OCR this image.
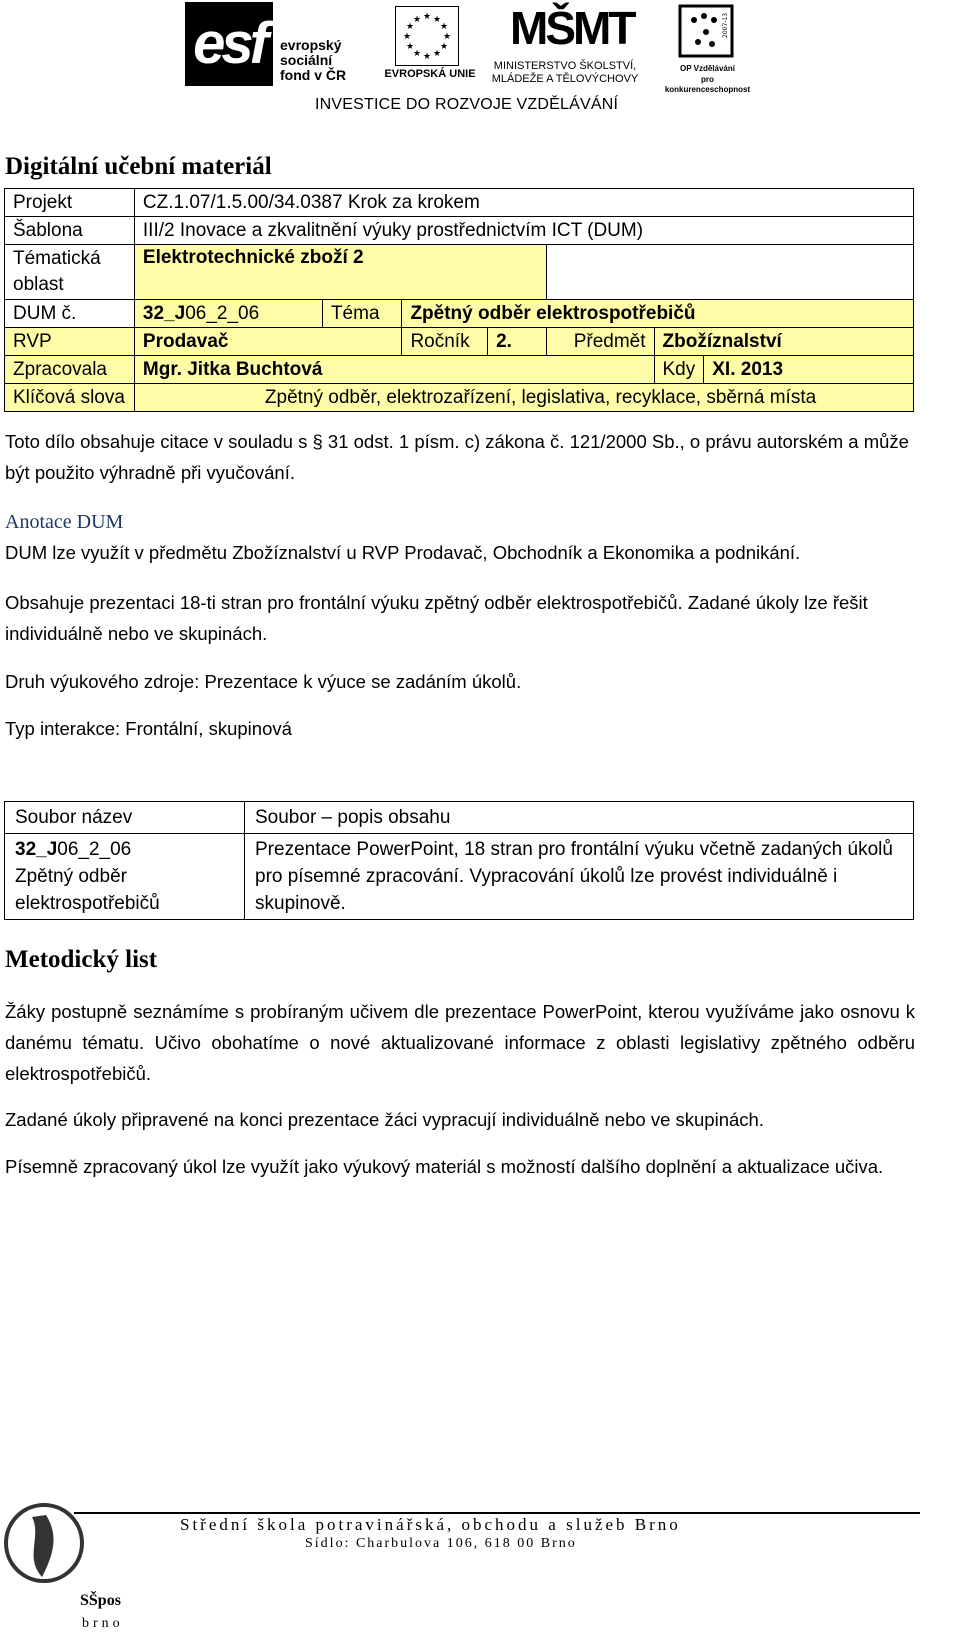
esf	evropský
sociální
fond v ČR
★ ★
★
★
★
★
★
★
★
★
★
★
EVROPSKÁ UNIE
MŠMT
MINISTERSTVO ŠKOLSTVÍ,
MLÁDEŽE A TĚLOVÝCHOVY
2007-13
OP Vzdělávání
pro konkurenceschopnost
INVESTICE DO ROZVOJE VZDĚLÁVÁNÍ
Digitální učební materiál
Projekt	CZ.1.07/1.5.00/34.0387 Krok za krokem						
Šablona	III/2 Inovace a zkvalitnění výuky prostřednictvím ICT (DUM)						

Tématická
oblast	Elektrotechnické zboží 2						
DUM č.	32_J06_2_06	Téma	Zpětný odběr elektrospotřebičů				
RVP	Prodavač		Ročník	2.	Předmět	Zbožíznalství	
Zpracovala	Mgr. Jitka Buchtová					Kdy	XI. 2013
Klíčová slova	Zpětný odběr, elektrozařízení, legislativa, recyklace, sběrná místa						
Toto dílo obsahuje citace v souladu s § 31 odst. 1 písm. c) zákona č. 121/2000 Sb., o právu autorském a může být použito výhradně při vyučování.
Anotace DUM
DUM lze využít v předmětu Zbožíznalství u RVP Prodavač, Obchodník a Ekonomika a podnikání.
Obsahuje prezentaci 18-ti stran pro frontální výuku zpětný odběr elektrospotřebičů. Zadané úkoly lze řešit individuálně nebo ve skupinách.
Druh výukového zdroje: Prezentace k výuce se zadáním úkolů.
Typ interakce: Frontální, skupinová
Soubor název	Soubor – popis obsahu

32_J06_2_06
Zpětný odběr
elektrospotřebičů	Prezentace PowerPoint, 18 stran pro frontální výuku včetně zadaných úkolů pro písemné zpracování. Vypracování úkolů lze provést individuálně i skupinově.
Metodický list
Žáky postupně seznámíme s probíraným učivem dle prezentace PowerPoint, kterou využíváme jako osnovu k danému tématu. Učivo obohatíme o nové aktualizované informace z oblasti legislativy zpětného odběru elektrospotřebičů.
Zadané úkoly připravené na konci prezentace žáci vypracují individuálně nebo ve skupinách.
Písemně zpracovaný úkol lze využít jako výukový materiál s možností dalšího doplnění a aktualizace učiva.
SŠpos
brno
Střední škola potravinářská, obchodu a služeb Brno
Sídlo: Charbulova 106, 618 00 Brno
